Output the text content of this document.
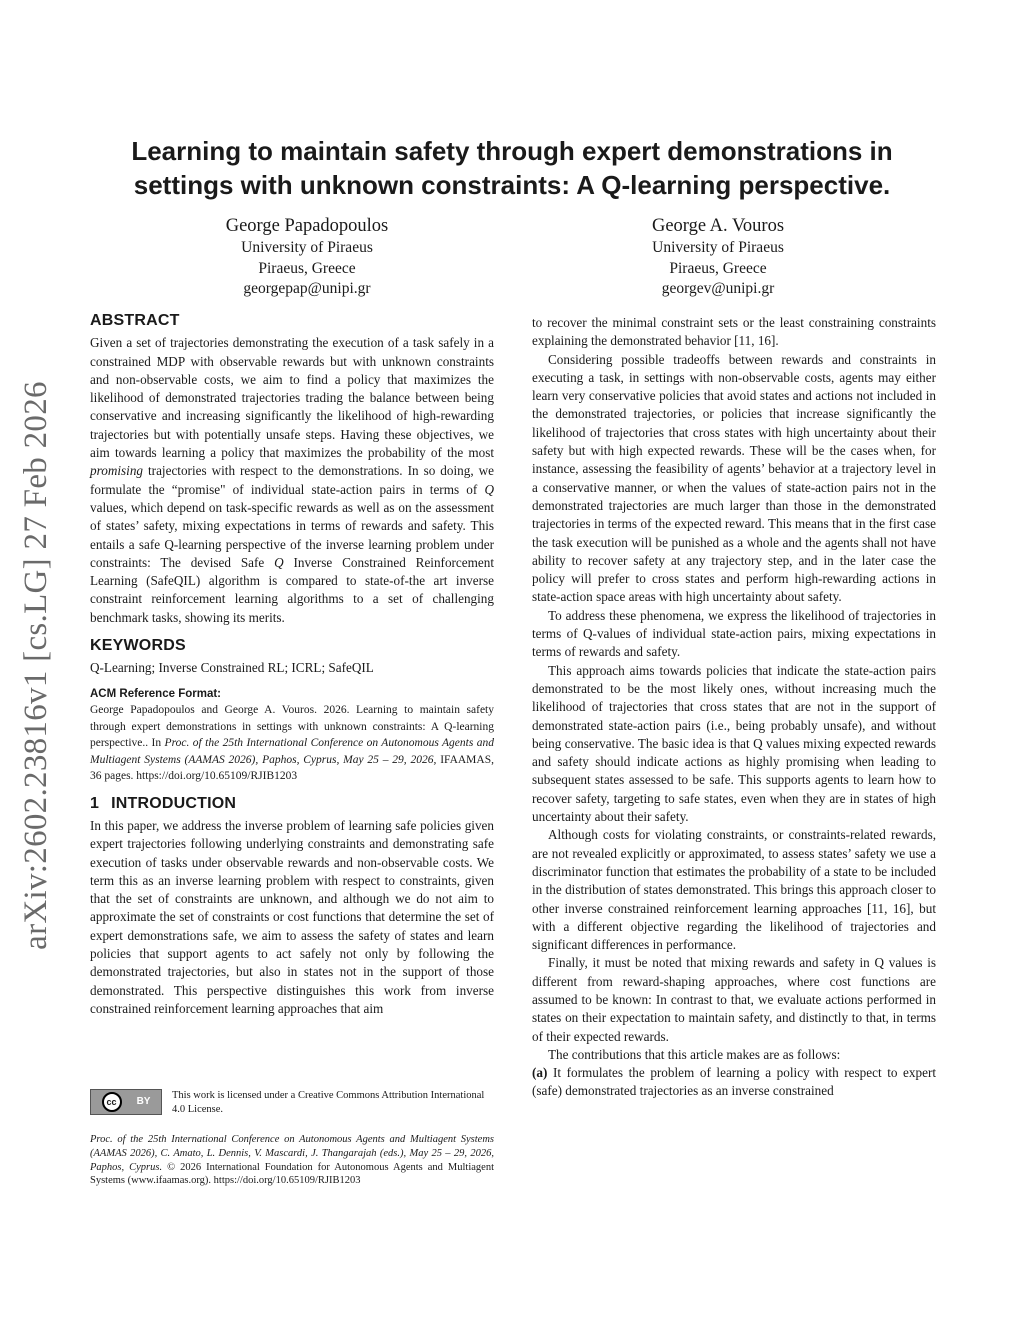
arXiv:2602.23816v1 [cs.LG] 27 Feb 2026
Learning to maintain safety through expert demonstrations in settings with unknown constraints: A Q-learning perspective.
George Papadopoulos
University of Piraeus
Piraeus, Greece
georgepap@unipi.gr
George A. Vouros
University of Piraeus
Piraeus, Greece
georgev@unipi.gr
ABSTRACT

Given a set of trajectories demonstrating the execution of a task safely in a constrained MDP with observable rewards but with unknown constraints and non-observable costs, we aim to find a policy that maximizes the likelihood of demonstrated trajectories trading the balance between being conservative and increasing significantly the likelihood of high-rewarding trajectories but with potentially unsafe steps. Having these objectives, we aim towards learning a policy that maximizes the probability of the most promising trajectories with respect to the demonstrations. In so doing, we formulate the “promise" of individual state-action pairs in terms of Q values, which depend on task-specific rewards as well as on the assessment of states’ safety, mixing expectations in terms of rewards and safety. This entails a safe Q-learning perspective of the inverse learning problem under constraints: The devised Safe Q Inverse Constrained Reinforcement Learning (SafeQIL) algorithm is compared to state-of-the art inverse constraint reinforcement learning algorithms to a set of challenging benchmark tasks, showing its merits.

KEYWORDS

Q-Learning; Inverse Constrained RL; ICRL; SafeQIL

ACM Reference Format:
George Papadopoulos and George A. Vouros. 2026. Learning to maintain safety through expert demonstrations in settings with unknown constraints: A Q-learning perspective.. In Proc. of the 25th International Conference on Autonomous Agents and Multiagent Systems (AAMAS 2026), Paphos, Cyprus, May 25 – 29, 2026, IFAAMAS, 36 pages. https://doi.org/10.65109/RJIB1203
1 INTRODUCTION

In this paper, we address the inverse problem of learning safe policies given expert trajectories following underlying constraints and demonstrating safe execution of tasks under observable rewards and non-observable costs. We term this as an inverse learning problem with respect to constraints, given that the set of constraints are unknown, and although we do not aim to approximate the set of constraints or cost functions that determine the set of expert demonstrations safe, we aim to assess the safety of states and learn policies that support agents to act safely not only by following the demonstrated trajectories, but also in states not in the support of those demonstrated. This perspective distinguishes this work from inverse constrained reinforcement learning approaches that aim

cc	BY
This work is licensed under a Creative Commons Attribution International 4.0 License.
Proc. of the 25th International Conference on Autonomous Agents and Multiagent Systems (AAMAS 2026), C. Amato, L. Dennis, V. Mascardi, J. Thangarajah (eds.), May 25 – 29, 2026, Paphos, Cyprus. © 2026 International Foundation for Autonomous Agents and Multiagent Systems (www.ifaamas.org). https://doi.org/10.65109/RJIB1203

to recover the minimal constraint sets or the least constraining constraints explaining the demonstrated behavior [11, 16].

Considering possible tradeoffs between rewards and constraints in executing a task, in settings with non-observable costs, agents may either learn very conservative policies that avoid states and actions not included in the demonstrated trajectories, or policies that increase significantly the likelihood of trajectories that cross states with high uncertainty about their safety but with high expected rewards. These will be the cases when, for instance, assessing the feasibility of agents’ behavior at a trajectory level in a conservative manner, or when the values of state-action pairs not in the demonstrated trajectories are much larger than those in the demonstrated trajectories in terms of the expected reward. This means that in the first case the task execution will be punished as a whole and the agents shall not have ability to recover safety at any trajectory step, and in the later case the policy will prefer to cross states and perform high-rewarding actions in state-action space areas with high uncertainty about safety.

To address these phenomena, we express the likelihood of trajectories in terms of Q-values of individual state-action pairs, mixing expectations in terms of rewards and safety.

This approach aims towards policies that indicate the state-action pairs demonstrated to be the most likely ones, without increasing much the likelihood of trajectories that cross states that are not in the support of demonstrated state-action pairs (i.e., being probably unsafe), and without being conservative. The basic idea is that Q values mixing expected rewards and safety should indicate actions as highly promising when leading to subsequent states assessed to be safe. This supports agents to learn how to recover safety, targeting to safe states, even when they are in states of high uncertainty about their safety.

Although costs for violating constraints, or constraints-related rewards, are not revealed explicitly or approximated, to assess states’ safety we use a discriminator function that estimates the probability of a state to be included in the distribution of states demonstrated. This brings this approach closer to other inverse constrained reinforcement learning approaches [11, 16], but with a different objective regarding the likelihood of trajectories and significant differences in performance.

Finally, it must be noted that mixing rewards and safety in Q values is different from reward-shaping approaches, where cost functions are assumed to be known: In contrast to that, we evaluate actions performed in states on their expectation to maintain safety, and distinctly to that, in terms of their expected rewards.

The contributions that this article makes are as follows:

(a) It formulates the problem of learning a policy with respect to expert (safe) demonstrated trajectories as an inverse constrained
